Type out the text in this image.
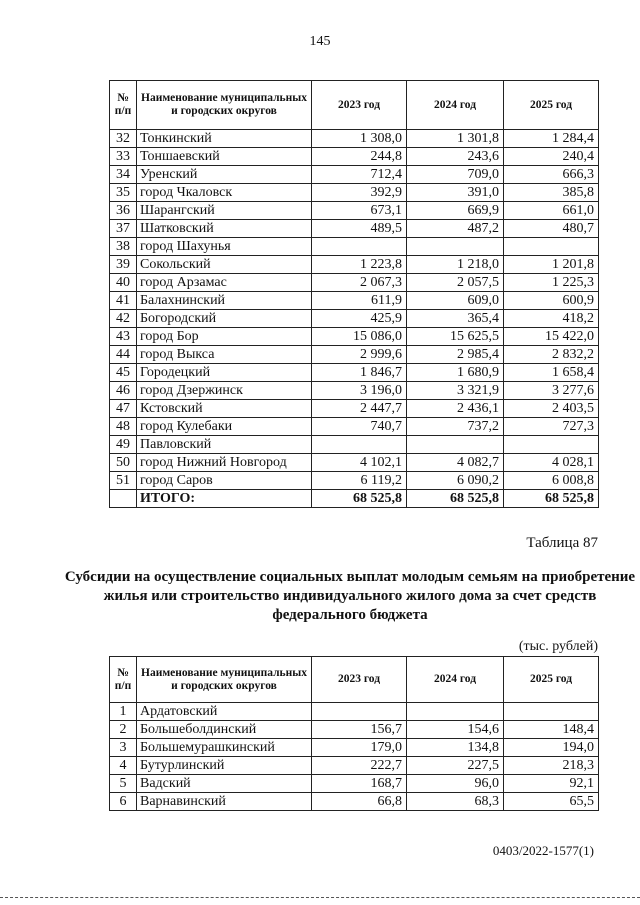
145
№ п/п	Наименование муниципальных и городских округов	2023 год	2024 год	2025 год
32	Тонкинский	1 308,0	1 301,8	1 284,4
33	Тоншаевский	244,8	243,6	240,4
34	Уренский	712,4	709,0	666,3
35	город Чкаловск	392,9	391,0	385,8
36	Шарангский	673,1	669,9	661,0
37	Шатковский	489,5	487,2	480,7
38	город Шахунья			
39	Сокольский	1 223,8	1 218,0	1 201,8
40	город Арзамас	2 067,3	2 057,5	1 225,3
41	Балахнинский	611,9	609,0	600,9
42	Богородский	425,9	365,4	418,2
43	город Бор	15 086,0	15 625,5	15 422,0
44	город Выкса	2 999,6	2 985,4	2 832,2
45	Городецкий	1 846,7	1 680,9	1 658,4
46	город Дзержинск	3 196,0	3 321,9	3 277,6
47	Кстовский	2 447,7	2 436,1	2 403,5
48	город Кулебаки	740,7	737,2	727,3
49	Павловский			
50	город Нижний Новгород	4 102,1	4 082,7	4 028,1
51	город Саров	6 119,2	6 090,2	6 008,8
	ИТОГО:	68 525,8	68 525,8	68 525,8
Таблица 87
Субсидии на осуществление социальных выплат молодым семьям на приобретение жилья или строительство индивидуального жилого дома за счет средств федерального бюджета
(тыс. рублей)
№ п/п	Наименование муниципальных и городских округов	2023 год	2024 год	2025 год
1	Ардатовский			
2	Большеболдинский	156,7	154,6	148,4
3	Большемурашкинский	179,0	134,8	194,0
4	Бутурлинский	222,7	227,5	218,3
5	Вадский	168,7	96,0	92,1
6	Варнавинский	66,8	68,3	65,5
0403/2022-1577(1)
